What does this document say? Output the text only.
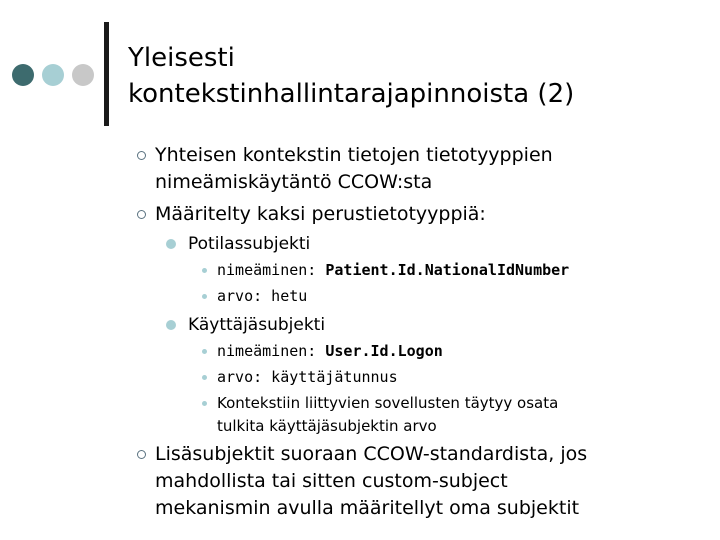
Yleisesti
kontekstinhallintarajapinnoista (2)
Yhteisen kontekstin tietojen tietotyyppien
nimeämiskäytäntö CCOW:sta
Määritelty kaksi perustietotyyppiä:
Potilassubjekti
nimeäminen: Patient.Id.NationalIdNumber
arvo: hetu
Käyttäjäsubjekti
nimeäminen: User.Id.Logon
arvo: käyttäjätunnus
Kontekstiin liittyvien sovellusten täytyy osata
tulkita käyttäjäsubjektin arvo
Lisäsubjektit suoraan CCOW-standardista, jos
mahdollista tai sitten custom-subject
mekanismin avulla määritellyt oma subjektit
